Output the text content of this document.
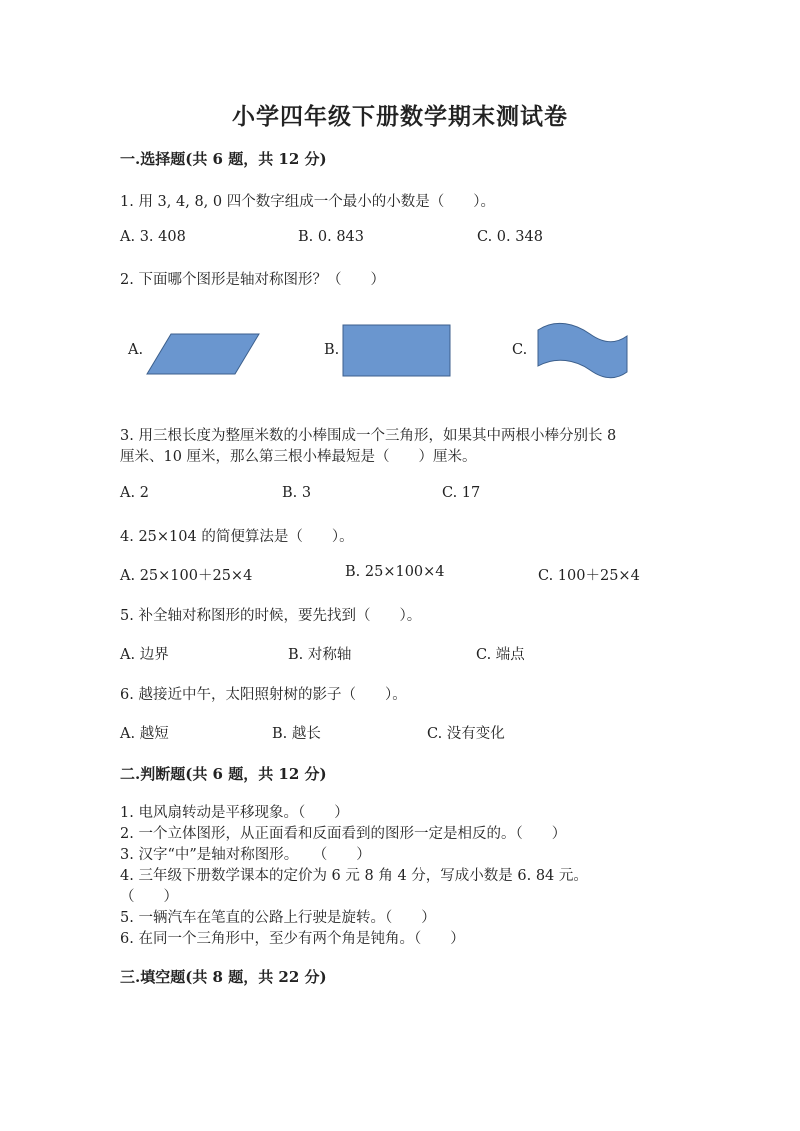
小学四年级下册数学期末测试卷
一.选择题(共 6 题，共 12 分)
1. 用 3, 4, 8, 0 四个数字组成一个最小的小数是（　　）。
A. 3. 408	B. 0. 843	C. 0. 348
2. 下面哪个图形是轴对称图形？（　　）
A.	B.	C.
3. 用三根长度为整厘米数的小棒围成一个三角形，如果其中两根小棒分别长 8
厘米、10 厘米，那么第三根小棒最短是（　　）厘米。
A. 2	B. 3	C. 17
4. 25×104 的简便算法是（　　）。
A. 25×100＋25×4	B. 25×100×4	C. 100＋25×4
5. 补全轴对称图形的时候，要先找到（　　）。
A. 边界	B. 对称轴	C. 端点
6. 越接近中午，太阳照射树的影子（　　）。
A. 越短	B. 越长	C. 没有变化
二.判断题(共 6 题，共 12 分)
1. 电风扇转动是平移现象。（　　）
2. 一个立体图形，从正面看和反面看到的图形一定是相反的。（　　）
3. 汉字“中”是轴对称图形。　　（　　）
4. 三年级下册数学课本的定价为 6 元 8 角 4 分，写成小数是 6. 84 元。
（　　）
5. 一辆汽车在笔直的公路上行驶是旋转。（　　）
6. 在同一个三角形中，至少有两个角是钝角。（　　）
三.填空题(共 8 题，共 22 分)
